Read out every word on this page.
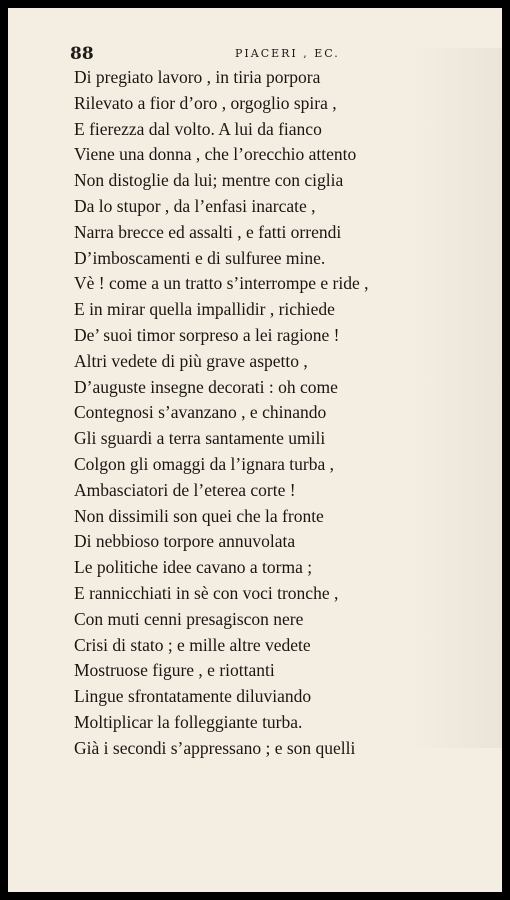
88	PIACERI , EC.
Di pregiato lavoro , in tiria porpora
Rilevato a fior d’oro , orgoglio spira ,
E fierezza dal volto. A lui da fianco
Viene una donna , che l’orecchio attento
Non distoglie da lui; mentre con ciglia
Da lo stupor , da l’enfasi inarcate ,
Narra brecce ed assalti , e fatti orrendi
D’imboscamenti e di sulfuree mine.
Vè ! come a un tratto s’interrompe e ride ,
E in mirar quella impallidir , richiede
De’ suoi timor sorpreso a lei ragione !
Altri vedete di più grave aspetto ,
D’auguste insegne decorati : oh come
Contegnosi s’avanzano , e chinando
Gli sguardi a terra santamente umili
Colgon gli omaggi da l’ignara turba ,
Ambasciatori de l’eterea corte !
Non dissimili son quei che la fronte
Di nebbioso torpore annuvolata
Le politiche idee cavano a torma ;
E rannicchiati in sè con voci tronche ,
Con muti cenni presagiscon nere
Crisi di stato ; e mille altre vedete
Mostruose figure , e riottanti
Lingue sfrontatamente diluviando
Moltiplicar la folleggiante turba.
Già i secondi s’appressano ; e son quelli
